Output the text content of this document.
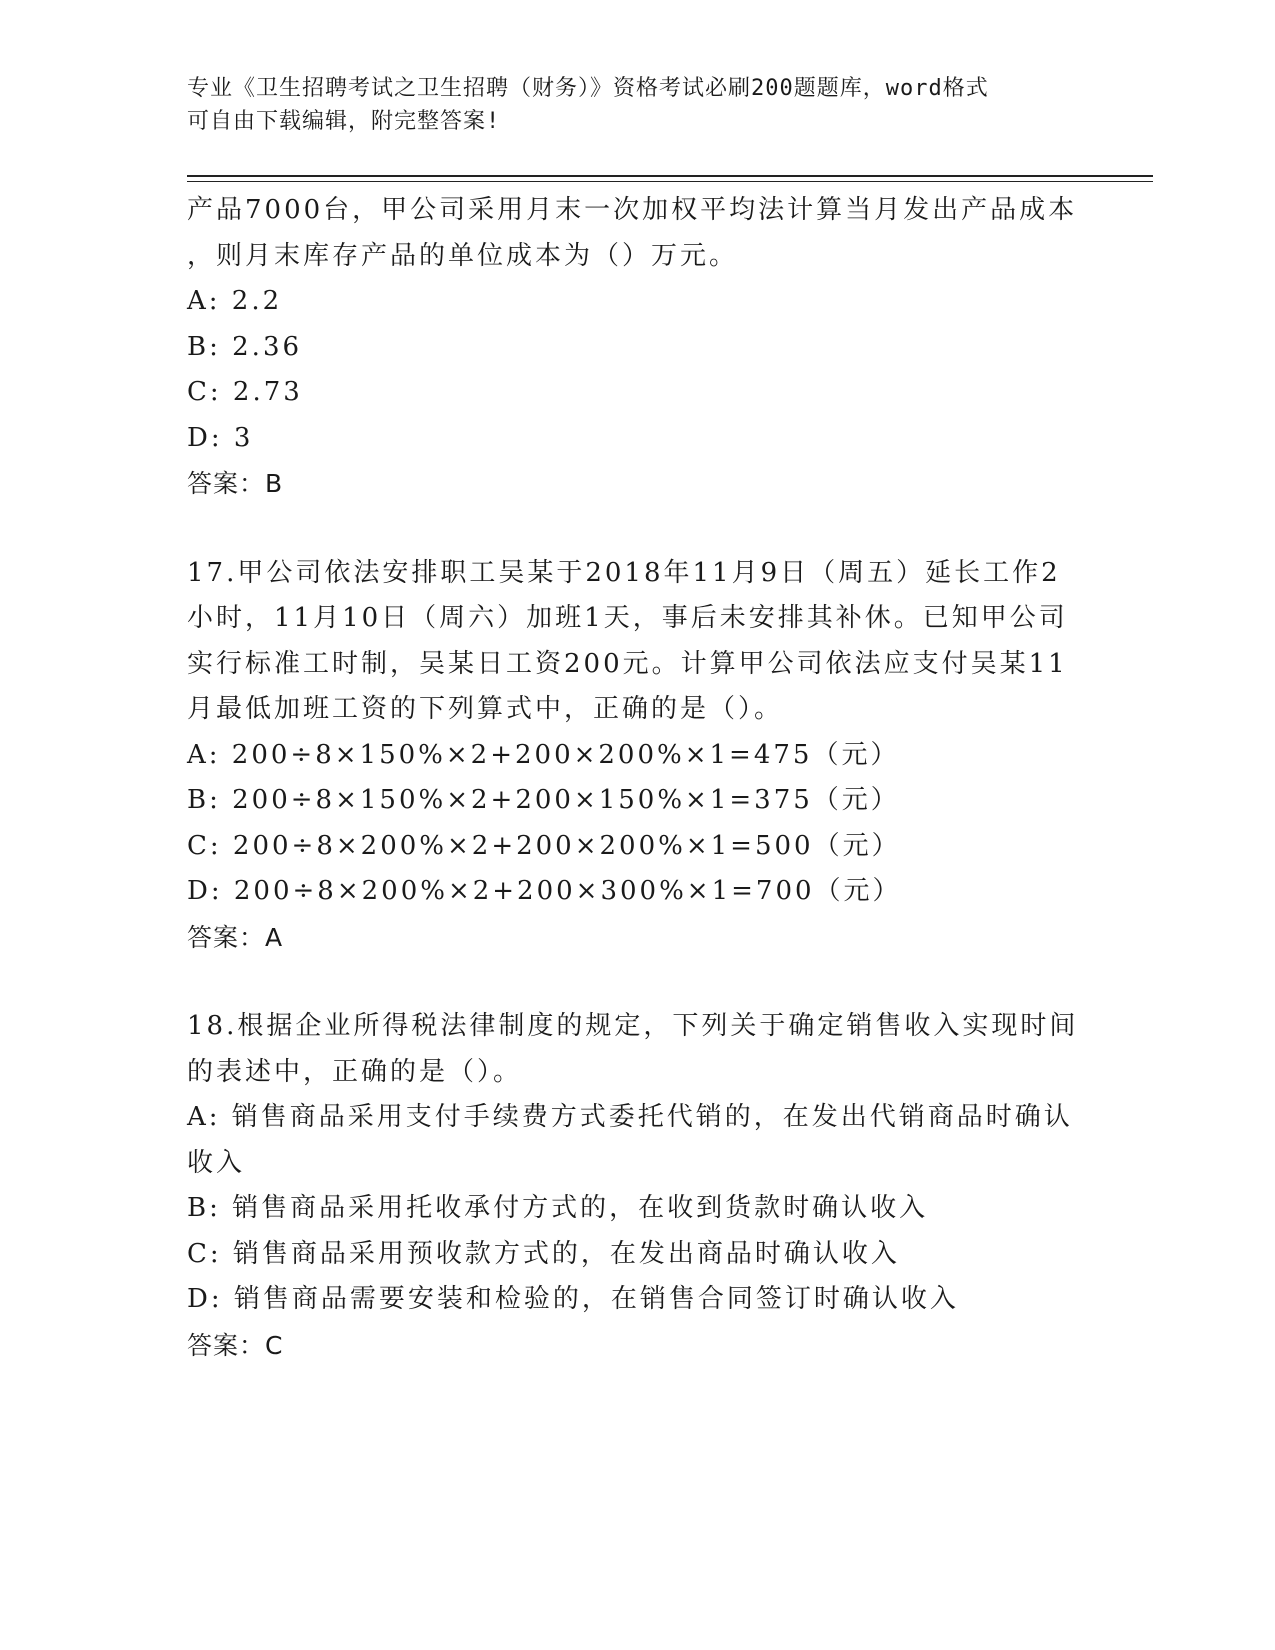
专业《卫生招聘考试之卫生招聘（财务）》资格考试必刷200题题库，word格式
可自由下载编辑，附完整答案!
产品7000台，甲公司采用月末一次加权平均法计算当月发出产品成本
，则月末库存产品的单位成本为（）万元。
A: 2.2
B: 2.36
C: 2.73
D: 3
答案：B
17.甲公司依法安排职工吴某于2018年11月9日（周五）延长工作2
小时，11月10日（周六）加班1天，事后未安排其补休。已知甲公司
实行标准工时制，吴某日工资200元。计算甲公司依法应支付吴某11
月最低加班工资的下列算式中，正确的是（）。
A: 200÷8×150%×2+200×200%×1=475（元）
B: 200÷8×150%×2+200×150%×1=375（元）
C: 200÷8×200%×2+200×200%×1=500（元）
D: 200÷8×200%×2+200×300%×1=700（元）
答案：A
18.根据企业所得税法律制度的规定，下列关于确定销售收入实现时间
的表述中，正确的是（）。
A: 销售商品采用支付手续费方式委托代销的，在发出代销商品时确认
收入
B: 销售商品采用托收承付方式的，在收到货款时确认收入
C: 销售商品采用预收款方式的，在发出商品时确认收入
D: 销售商品需要安装和检验的，在销售合同签订时确认收入
答案：C
